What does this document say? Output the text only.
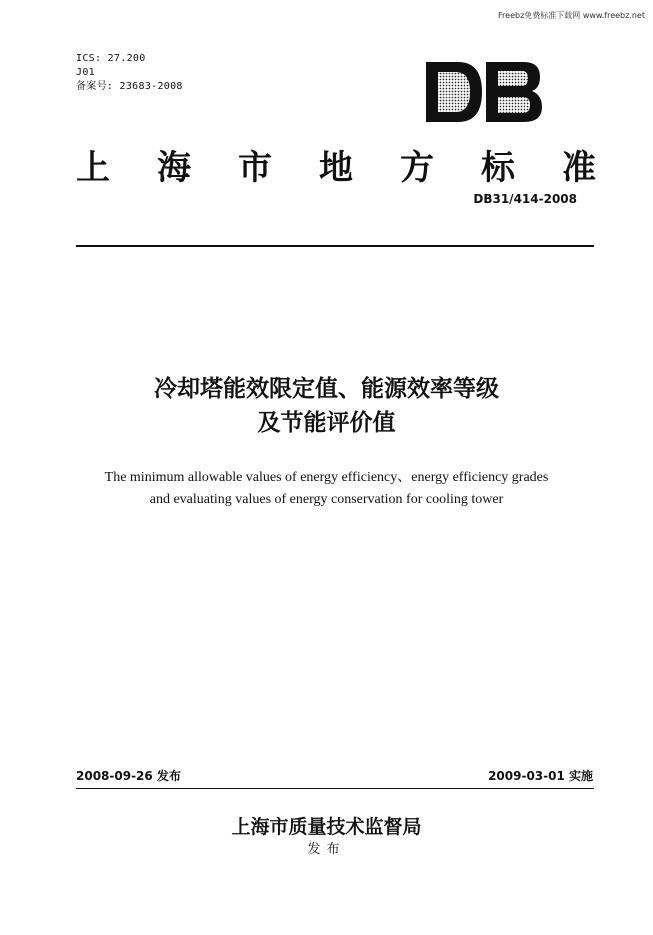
Freebz免费标准下载网 www.freebz.net
ICS: 27.200
J01
备案号: 23683-2008
上 海 市 地 方 标 准
DB31/414-2008
冷却塔能效限定值、能源效率等级
及节能评价值
The minimum allowable values of energy efficiency、energy efficiency grades
and evaluating values of energy conservation for cooling tower
2008-09-26 发布	2009-03-01 实施
上海市质量技术监督局
发布
